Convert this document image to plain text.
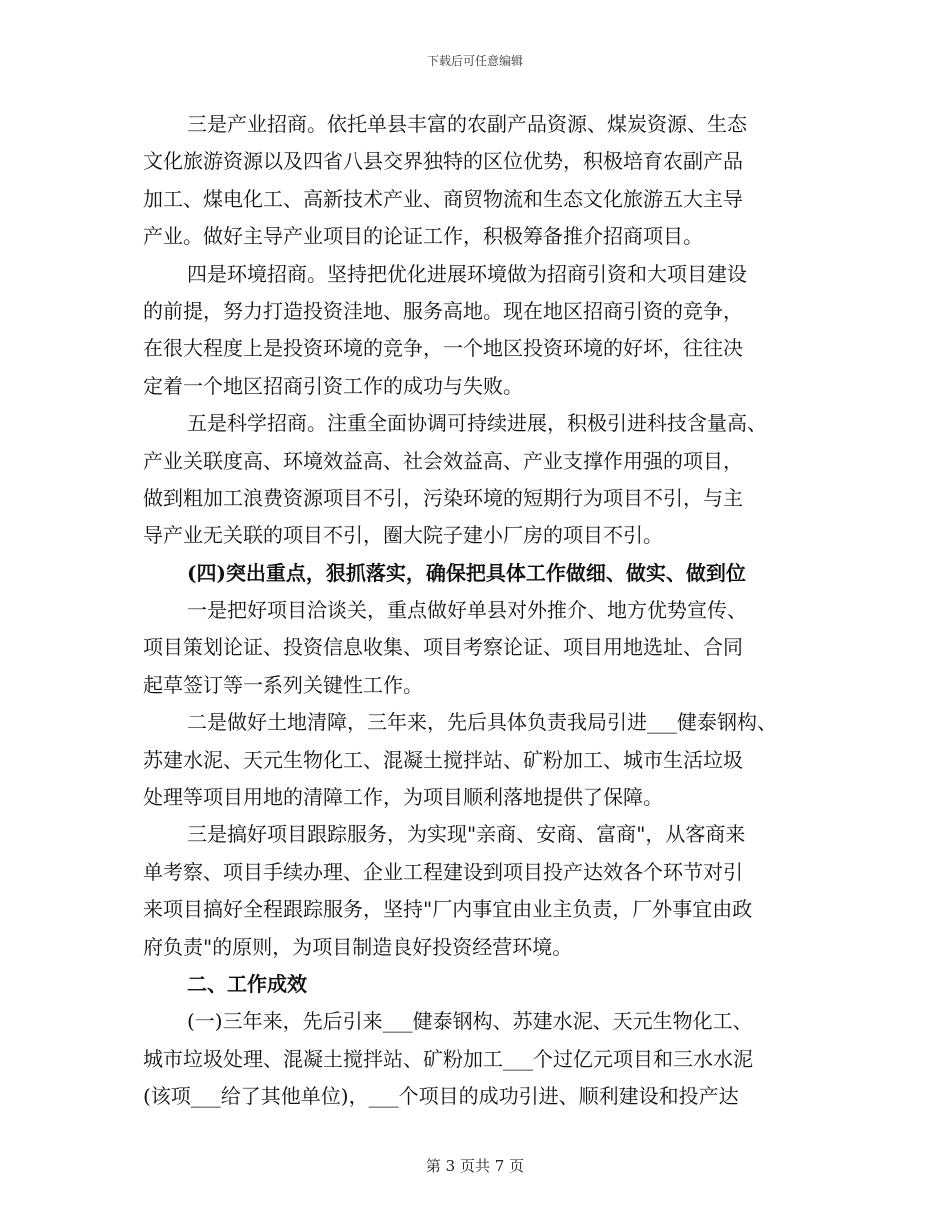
下载后可任意编辑
三是产业招商。依托单县丰富的农副产品资源、煤炭资源、生态
文化旅游资源以及四省八县交界独特的区位优势，积极培育农副产品
加工、煤电化工、高新技术产业、商贸物流和生态文化旅游五大主导
产业。做好主导产业项目的论证工作，积极筹备推介招商项目。
四是环境招商。坚持把优化进展环境做为招商引资和大项目建设
的前提，努力打造投资洼地、服务高地。现在地区招商引资的竞争，
在很大程度上是投资环境的竞争，一个地区投资环境的好坏，往往决
定着一个地区招商引资工作的成功与失败。
五是科学招商。注重全面协调可持续进展，积极引进科技含量高、
产业关联度高、环境效益高、社会效益高、产业支撑作用强的项目，
做到粗加工浪费资源项目不引，污染环境的短期行为项目不引，与主
导产业无关联的项目不引，圈大院子建小厂房的项目不引。
(四)突出重点，狠抓落实，确保把具体工作做细、做实、做到位
一是把好项目洽谈关，重点做好单县对外推介、地方优势宣传、
项目策划论证、投资信息收集、项目考察论证、项目用地选址、合同
起草签订等一系列关键性工作。
二是做好土地清障，三年来，先后具体负责我局引进___健泰钢构、
苏建水泥、天元生物化工、混凝土搅拌站、矿粉加工、城市生活垃圾
处理等项目用地的清障工作，为项目顺利落地提供了保障。
三是搞好项目跟踪服务，为实现"亲商、安商、富商"，从客商来
单考察、项目手续办理、企业工程建设到项目投产达效各个环节对引
来项目搞好全程跟踪服务，坚持"厂内事宜由业主负责，厂外事宜由政
府负责"的原则，为项目制造良好投资经营环境。
二、工作成效
(一)三年来，先后引来___健泰钢构、苏建水泥、天元生物化工、
城市垃圾处理、混凝土搅拌站、矿粉加工___个过亿元项目和三水水泥
(该项___给了其他单位)，___个项目的成功引进、顺利建设和投产达
第 3 页共 7 页
